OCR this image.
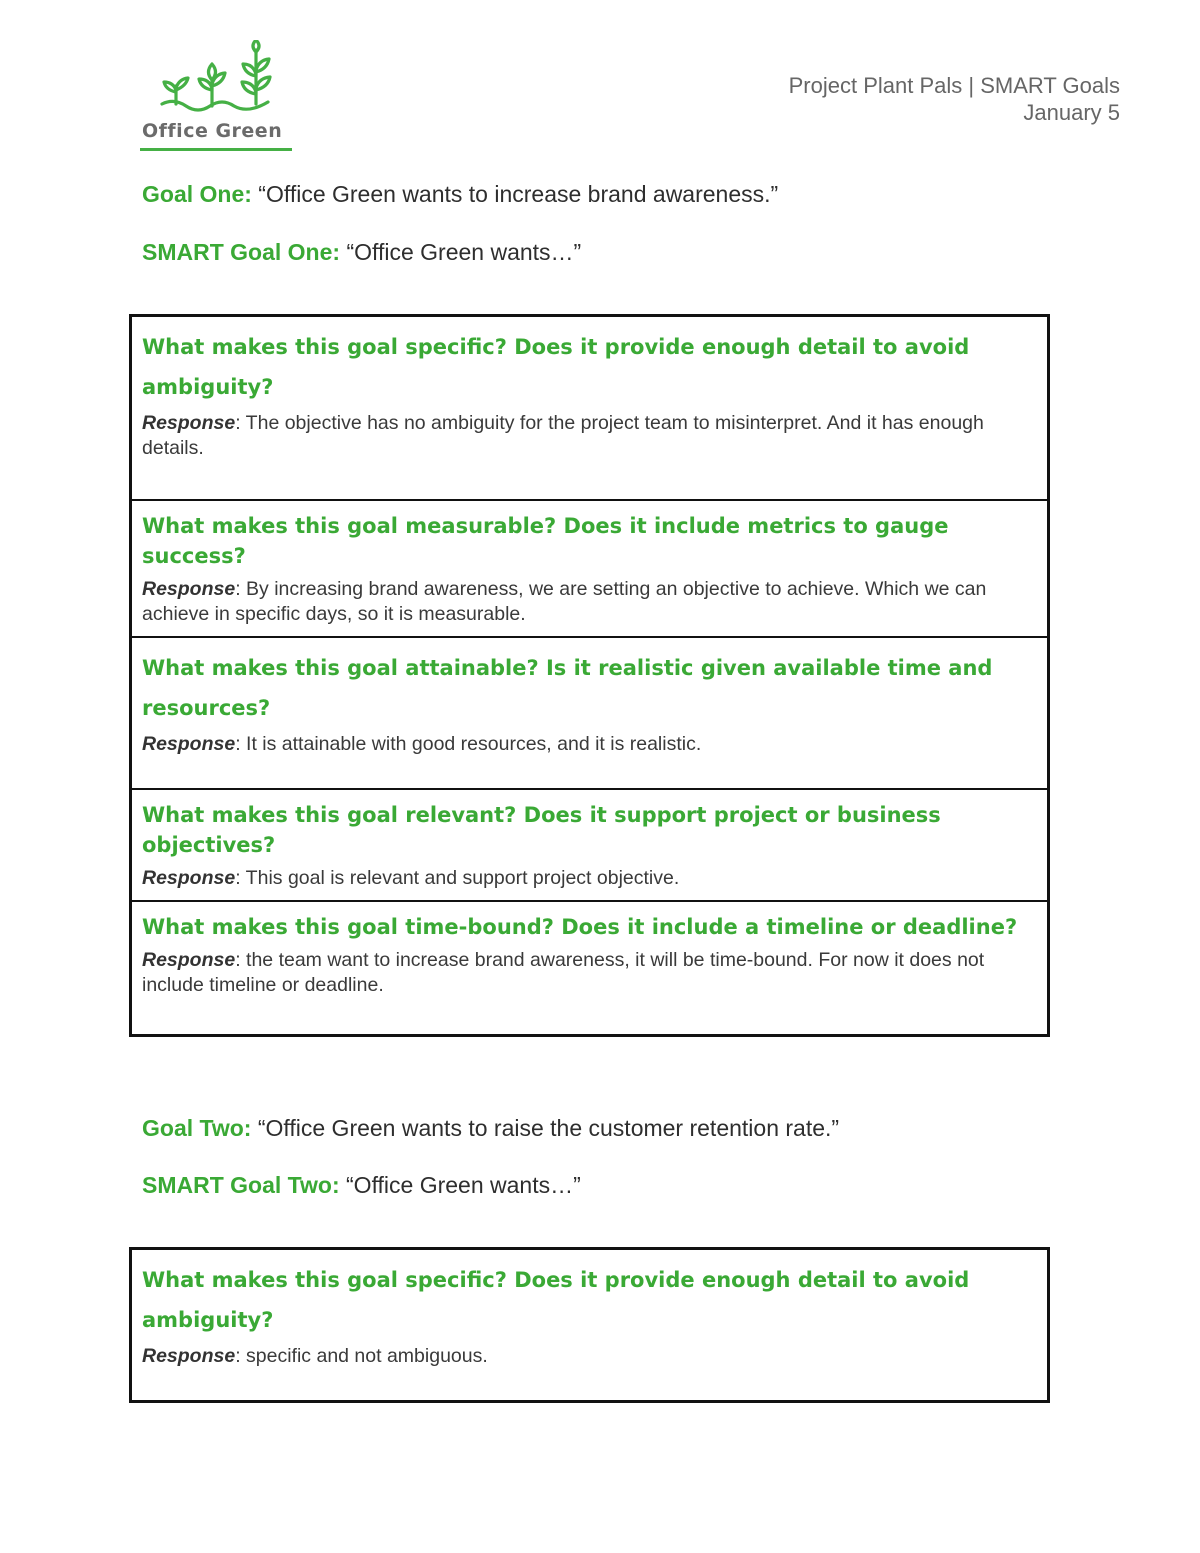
Office Green
Project Plant Pals | SMART Goals
January 5
Goal One: “Office Green wants to increase brand awareness.”
SMART Goal One: “Office Green wants…”
What makes this goal specific? Does it provide enough detail to avoid ambiguity?
Response: The objective has no ambiguity for the project team to misinterpret. And it has enough details.
What makes this goal measurable? Does it include metrics to gauge success?
Response: By increasing brand awareness, we are setting an objective to achieve. Which we can achieve in specific days, so it is measurable.
What makes this goal attainable? Is it realistic given available time and resources?
Response: It is attainable with good resources, and it is realistic.
What makes this goal relevant? Does it support project or business objectives?
Response: This goal is relevant and support project objective.
What makes this goal time-bound? Does it include a timeline or deadline?
Response: the team want to increase brand awareness, it will be time-bound. For now it does not include timeline or deadline.
Goal Two: “Office Green wants to raise the customer retention rate.”
SMART Goal Two: “Office Green wants…”
What makes this goal specific? Does it provide enough detail to avoid ambiguity?
Response: specific and not ambiguous.
